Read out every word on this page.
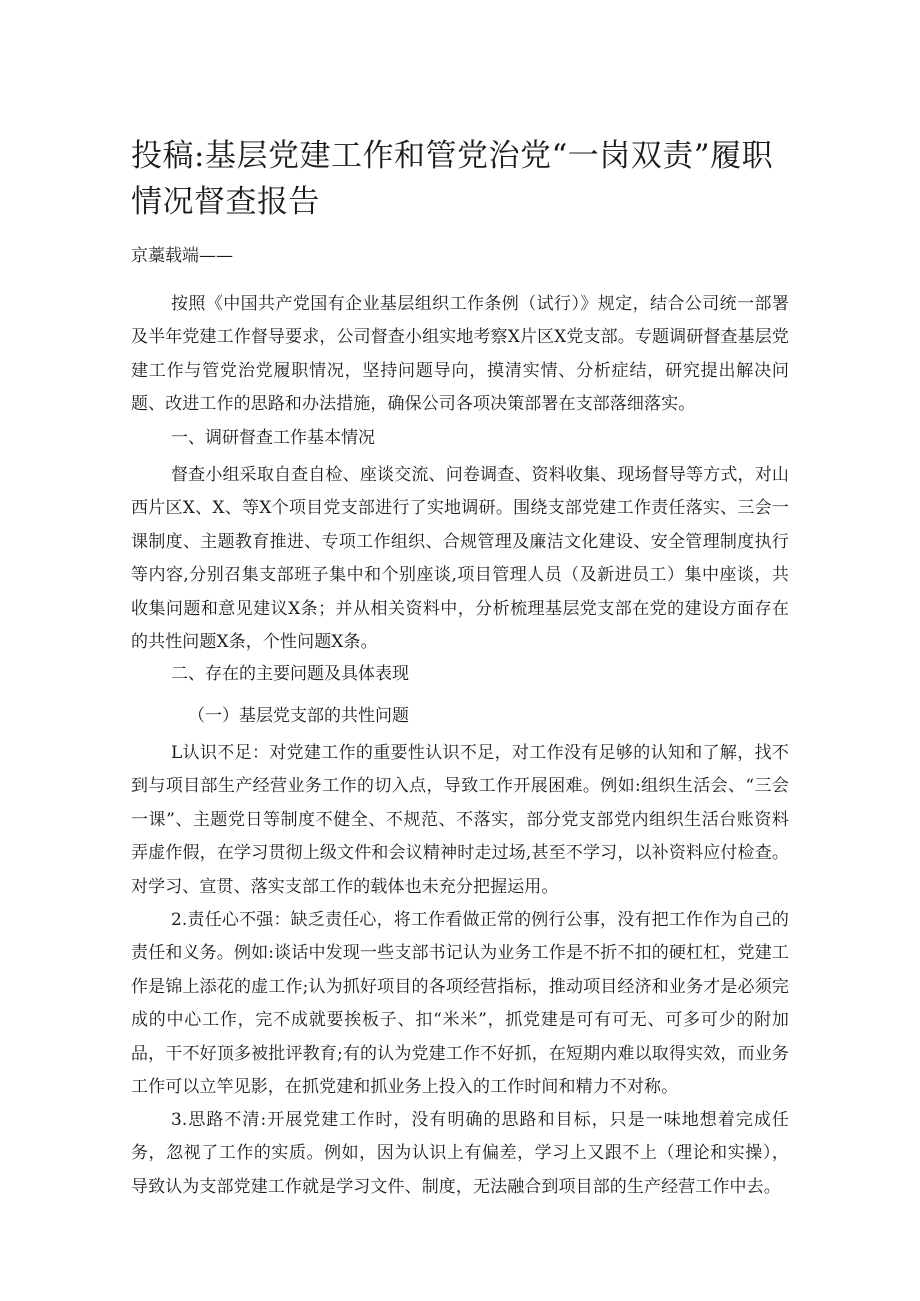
投稿:基层党建工作和管党治党“一岗双责”履职情况督查报告
京藁载端——

按照《中国共产党国有企业基层组织工作条例（试行）》规定，结合公司统一部署及半年党建工作督导要求，公司督查小组实地考察X片区X党支部。专题调研督查基层党建工作与管党治党履职情况，坚持问题导向，摸清实情、分析症结，研究提出解决问题、改进工作的思路和办法措施，确保公司各项决策部署在支部落细落实。

一、调研督查工作基本情况

督查小组采取自查自检、座谈交流、问卷调查、资料收集、现场督导等方式，对山西片区X、X、等X个项目党支部进行了实地调研。围绕支部党建工作责任落实、三会一课制度、主题教育推进、专项工作组织、合规管理及廉洁文化建设、安全管理制度执行等内容,分别召集支部班子集中和个别座谈,项目管理人员（及新进员工）集中座谈，共收集问题和意见建议X条；并从相关资料中，分析梳理基层党支部在党的建设方面存在的共性问题X条，个性问题X条。

二、存在的主要问题及具体表现
（一）基层党支部的共性问题

L认识不足：对党建工作的重要性认识不足，对工作没有足够的认知和了解，找不到与项目部生产经营业务工作的切入点，导致工作开展困难。例如:组织生活会、“三会一课”、主题党日等制度不健全、不规范、不落实，部分党支部党内组织生活台账资料弄虚作假，在学习贯彻上级文件和会议精神时走过场,甚至不学习，以补资料应付检查。对学习、宣贯、落实支部工作的载体也未充分把握运用。

2.责任心不强：缺乏责任心，将工作看做正常的例行公事，没有把工作作为自己的责任和义务。例如:谈话中发现一些支部书记认为业务工作是不折不扣的硬杠杠，党建工作是锦上添花的虚工作;认为抓好项目的各项经营指标，推动项目经济和业务才是必须完成的中心工作，完不成就要挨板子、扣“米米”，抓党建是可有可无、可多可少的附加品，干不好顶多被批评教育;有的认为党建工作不好抓，在短期内难以取得实效，而业务工作可以立竿见影，在抓党建和抓业务上投入的工作时间和精力不对称。

3.思路不清:开展党建工作时，没有明确的思路和目标，只是一味地想着完成任务，忽视了工作的实质。例如，因为认识上有偏差，学习上又跟不上（理论和实操），导致认为支部党建工作就是学习文件、制度，无法融合到项目部的生产经营工作中去。
